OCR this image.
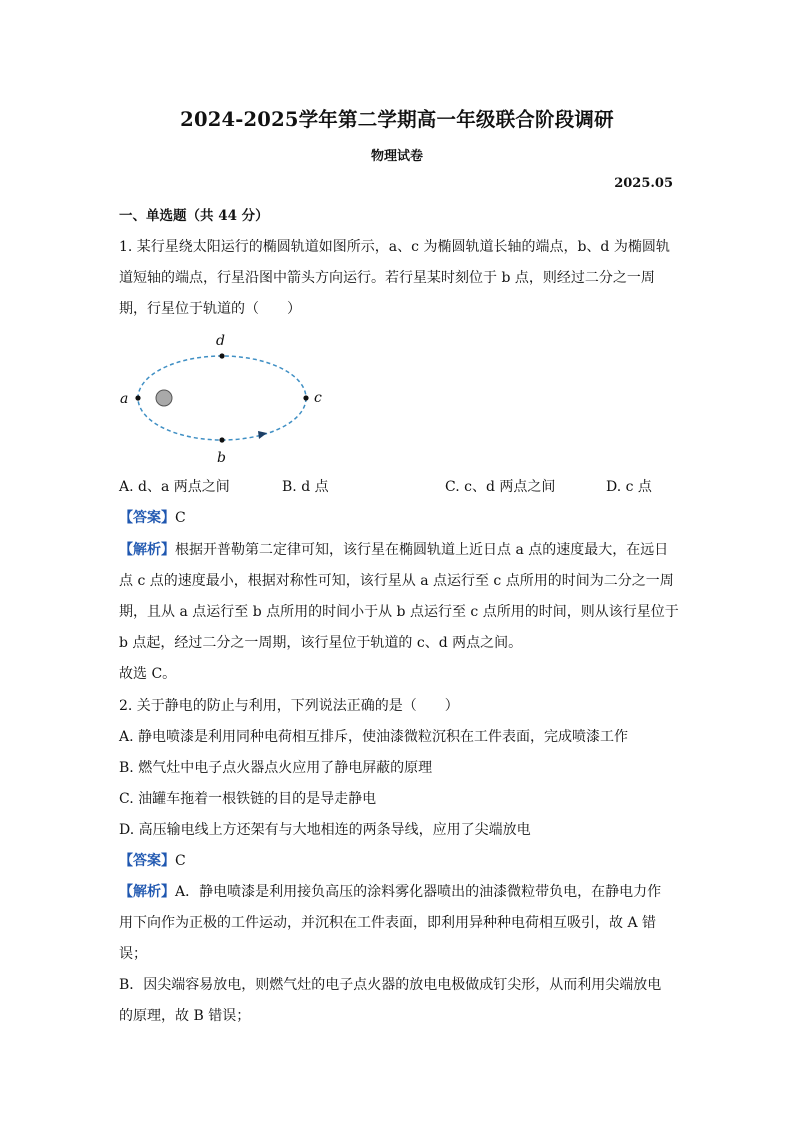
2024-2025学年第二学期高一年级联合阶段调研
物理试卷
2025.05
一、单选题（共 44 分）
1. 某行星绕太阳运行的椭圆轨道如图所示，a、c 为椭圆轨道长轴的端点，b、d 为椭圆轨
道短轴的端点，行星沿图中箭头方向运行。若行星某时刻位于 b 点，则经过二分之一周
期，行星位于轨道的（　　）
a	c
d
b
A. d、a 两点之间	B. d 点	C. c、d 两点之间	D. c 点
【答案】C
【解析】根据开普勒第二定律可知，该行星在椭圆轨道上近日点 a 点的速度最大，在远日
点 c 点的速度最小，根据对称性可知，该行星从 a 点运行至 c 点所用的时间为二分之一周
期，且从 a 点运行至 b 点所用的时间小于从 b 点运行至 c 点所用的时间，则从该行星位于
b 点起，经过二分之一周期，该行星位于轨道的 c、d 两点之间。
故选 C。
2. 关于静电的防止与利用，下列说法正确的是（　　）
A. 静电喷漆是利用同种电荷相互排斥，使油漆微粒沉积在工件表面，完成喷漆工作
B. 燃气灶中电子点火器点火应用了静电屏蔽的原理
C. 油罐车拖着一根铁链的目的是导走静电
D. 高压输电线上方还架有与大地相连的两条导线，应用了尖端放电
【答案】C
【解析】A．静电喷漆是利用接负高压的涂料雾化器喷出的油漆微粒带负电，在静电力作
用下向作为正极的工件运动，并沉积在工件表面，即利用异种种电荷相互吸引，故 A 错
误；
B．因尖端容易放电，则燃气灶的电子点火器的放电电极做成钉尖形，从而利用尖端放电
的原理，故 B 错误；
